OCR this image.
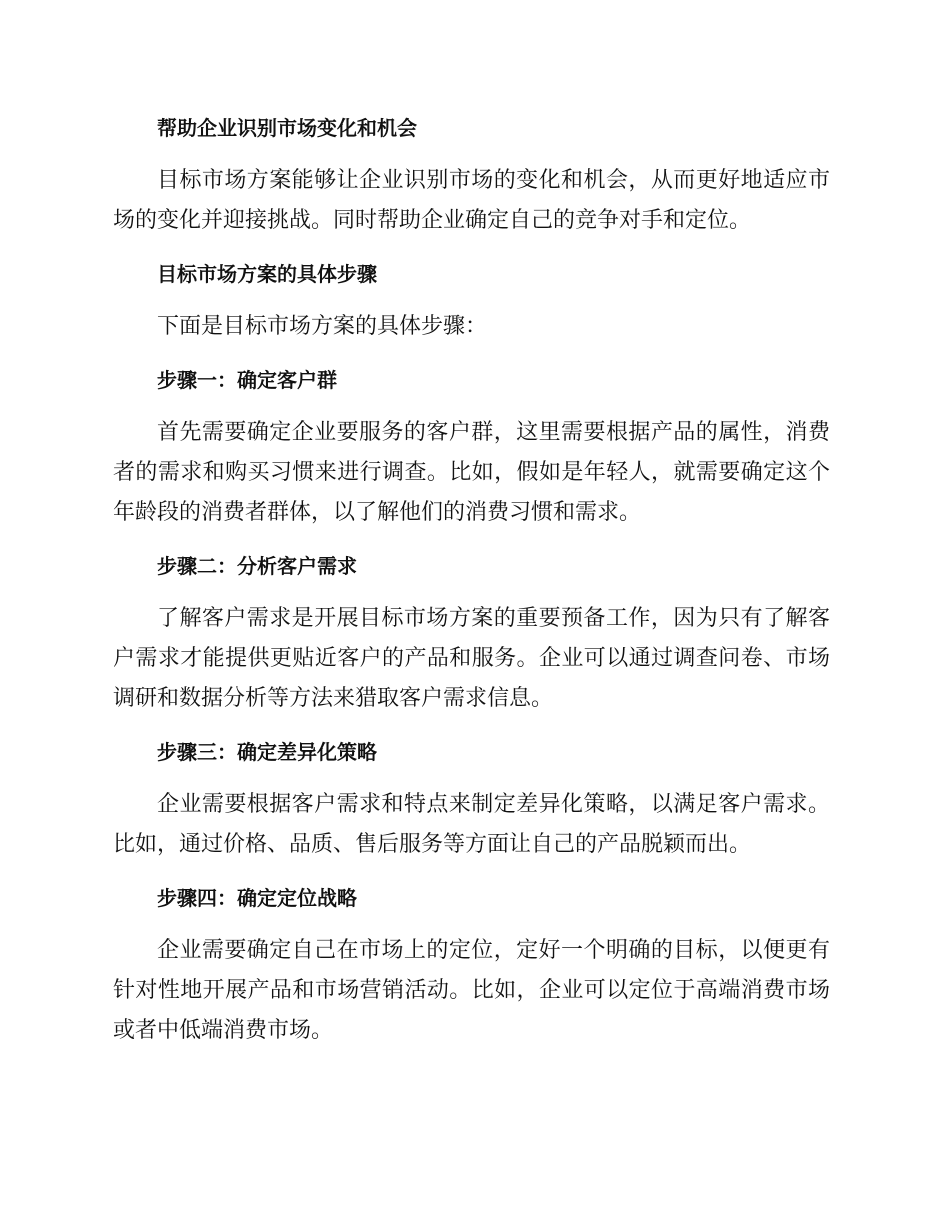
帮助企业识别市场变化和机会

目标市场方案能够让企业识别市场的变化和机会，从而更好地适应市场的变化并迎接挑战。同时帮助企业确定自己的竞争对手和定位。

目标市场方案的具体步骤

下面是目标市场方案的具体步骤：

步骤一：确定客户群

首先需要确定企业要服务的客户群，这里需要根据产品的属性，消费者的需求和购买习惯来进行调查。比如，假如是年轻人，就需要确定这个年龄段的消费者群体，以了解他们的消费习惯和需求。

步骤二：分析客户需求

了解客户需求是开展目标市场方案的重要预备工作，因为只有了解客户需求才能提供更贴近客户的产品和服务。企业可以通过调查问卷、市场调研和数据分析等方法来猎取客户需求信息。

步骤三：确定差异化策略

企业需要根据客户需求和特点来制定差异化策略，以满足客户需求。比如，通过价格、品质、售后服务等方面让自己的产品脱颖而出。

步骤四：确定定位战略

企业需要确定自己在市场上的定位，定好一个明确的目标，以便更有针对性地开展产品和市场营销活动。比如，企业可以定位于高端消费市场或者中低端消费市场。
